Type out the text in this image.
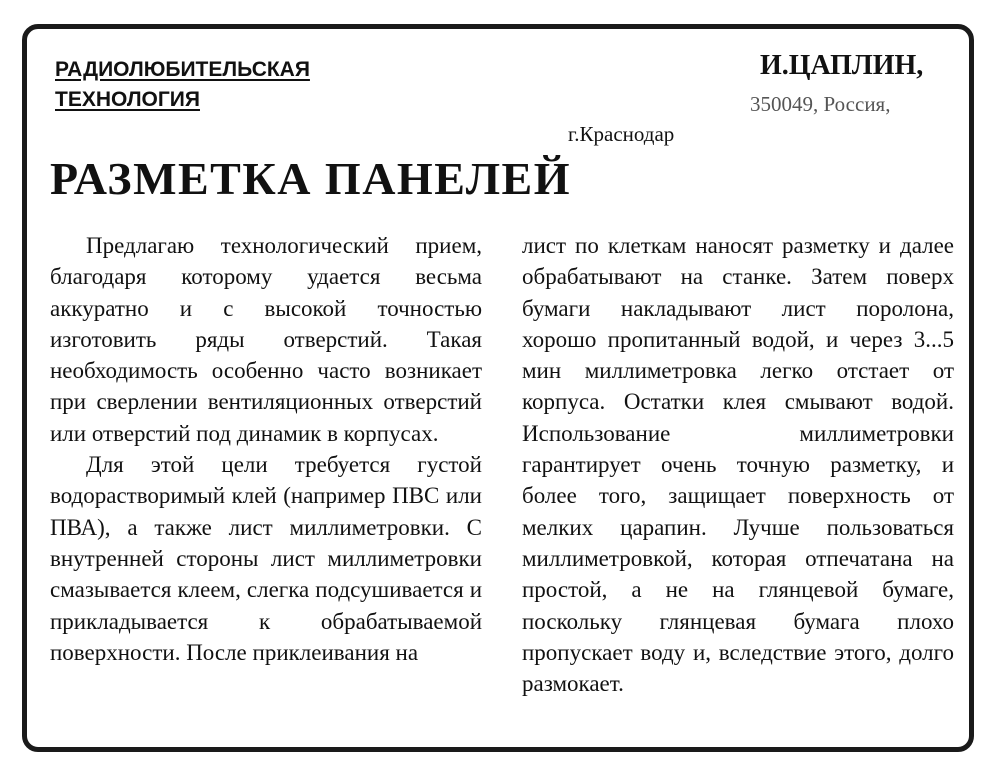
РАДИОЛЮБИТЕЛЬСКАЯ
ТЕХНОЛОГИЯ
И.ЦАПЛИН,
350049, Россия,
г.Краснодар
РАЗМЕТКА ПАНЕЛЕЙ

Предлагаю технологический прием, благодаря которому удается весьма аккуратно и с высокой точностью изготовить ряды отверстий. Такая необходимость особенно часто возникает при сверлении вентиляционных отверстий или отверстий под динамик в корпусах.

Для этой цели требуется густой водорастворимый клей (например ПВС или ПВА), а также лист миллиметровки. С внутренней стороны лист миллиметровки смазывается клеем, слегка подсушивается и прикладывается к обрабатываемой поверхности. После приклеивания на

лист по клеткам наносят разметку и далее обрабатывают на станке. Затем поверх бумаги накладывают лист поролона, хорошо пропитанный водой, и через 3...5 мин миллиметровка легко отстает от корпуса. Остатки клея смывают водой. Использование миллиметровки гарантирует очень точную разметку, и более того, защищает поверхность от мелких царапин. Лучше пользоваться миллиметровкой, которая отпечатана на простой, а не на глянцевой бумаге, поскольку глянцевая бумага плохо пропускает воду и, вследствие этого, долго размокает.
